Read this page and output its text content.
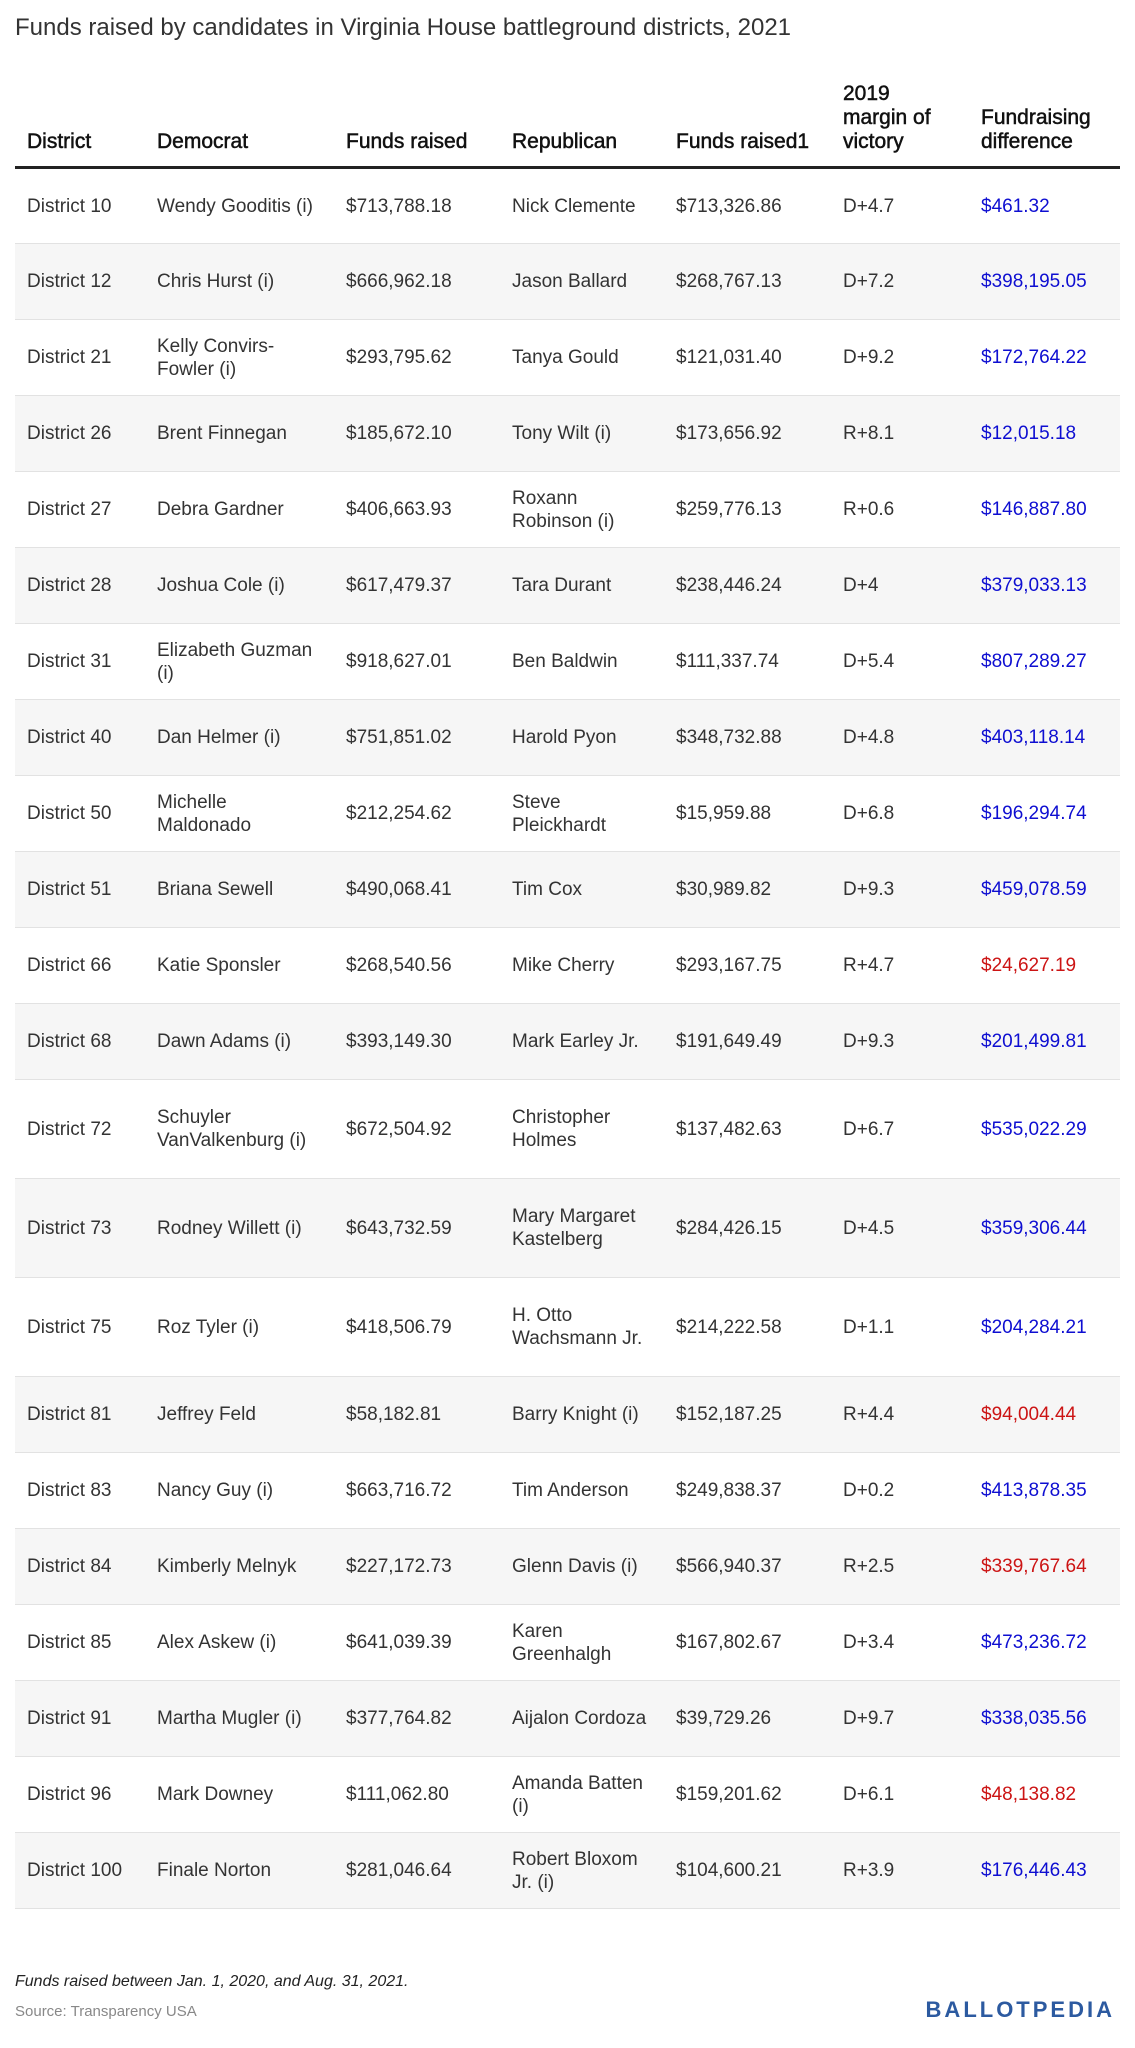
Funds raised by candidates in Virginia House battleground districts, 2021
District	Democrat	Funds raised	Republican	Funds raised1	2019 margin of victory	Fundraising difference
District 10	Wendy Gooditis (i)	$713,788.18	Nick Clemente	$713,326.86	D+4.7	$461.32
District 12	Chris Hurst (i)	$666,962.18	Jason Ballard	$268,767.13	D+7.2	$398,195.05
District 21	Kelly Convirs-Fowler (i)	$293,795.62	Tanya Gould	$121,031.40	D+9.2	$172,764.22
District 26	Brent Finnegan	$185,672.10	Tony Wilt (i)	$173,656.92	R+8.1	$12,015.18
District 27	Debra Gardner	$406,663.93	Roxann Robinson (i)	$259,776.13	R+0.6	$146,887.80
District 28	Joshua Cole (i)	$617,479.37	Tara Durant	$238,446.24	D+4	$379,033.13
District 31	Elizabeth Guzman (i)	$918,627.01	Ben Baldwin	$111,337.74	D+5.4	$807,289.27
District 40	Dan Helmer (i)	$751,851.02	Harold Pyon	$348,732.88	D+4.8	$403,118.14
District 50	Michelle Maldonado	$212,254.62	Steve Pleickhardt	$15,959.88	D+6.8	$196,294.74
District 51	Briana Sewell	$490,068.41	Tim Cox	$30,989.82	D+9.3	$459,078.59
District 66	Katie Sponsler	$268,540.56	Mike Cherry	$293,167.75	R+4.7	$24,627.19
District 68	Dawn Adams (i)	$393,149.30	Mark Earley Jr.	$191,649.49	D+9.3	$201,499.81
District 72	Schuyler VanValkenburg (i)	$672,504.92	Christopher Holmes	$137,482.63	D+6.7	$535,022.29
District 73	Rodney Willett (i)	$643,732.59	Mary Margaret Kastelberg	$284,426.15	D+4.5	$359,306.44
District 75	Roz Tyler (i)	$418,506.79	H. Otto Wachsmann Jr.	$214,222.58	D+1.1	$204,284.21
District 81	Jeffrey Feld	$58,182.81	Barry Knight (i)	$152,187.25	R+4.4	$94,004.44
District 83	Nancy Guy (i)	$663,716.72	Tim Anderson	$249,838.37	D+0.2	$413,878.35
District 84	Kimberly Melnyk	$227,172.73	Glenn Davis (i)	$566,940.37	R+2.5	$339,767.64
District 85	Alex Askew (i)	$641,039.39	Karen Greenhalgh	$167,802.67	D+3.4	$473,236.72
District 91	Martha Mugler (i)	$377,764.82	Aijalon Cordoza	$39,729.26	D+9.7	$338,035.56
District 96	Mark Downey	$111,062.80	Amanda Batten (i)	$159,201.62	D+6.1	$48,138.82
District 100	Finale Norton	$281,046.64	Robert Bloxom Jr. (i)	$104,600.21	R+3.9	$176,446.43

Funds raised between Jan. 1, 2020, and Aug. 31, 2021.

Source: Transparency USA	BALLOTPEDIA
